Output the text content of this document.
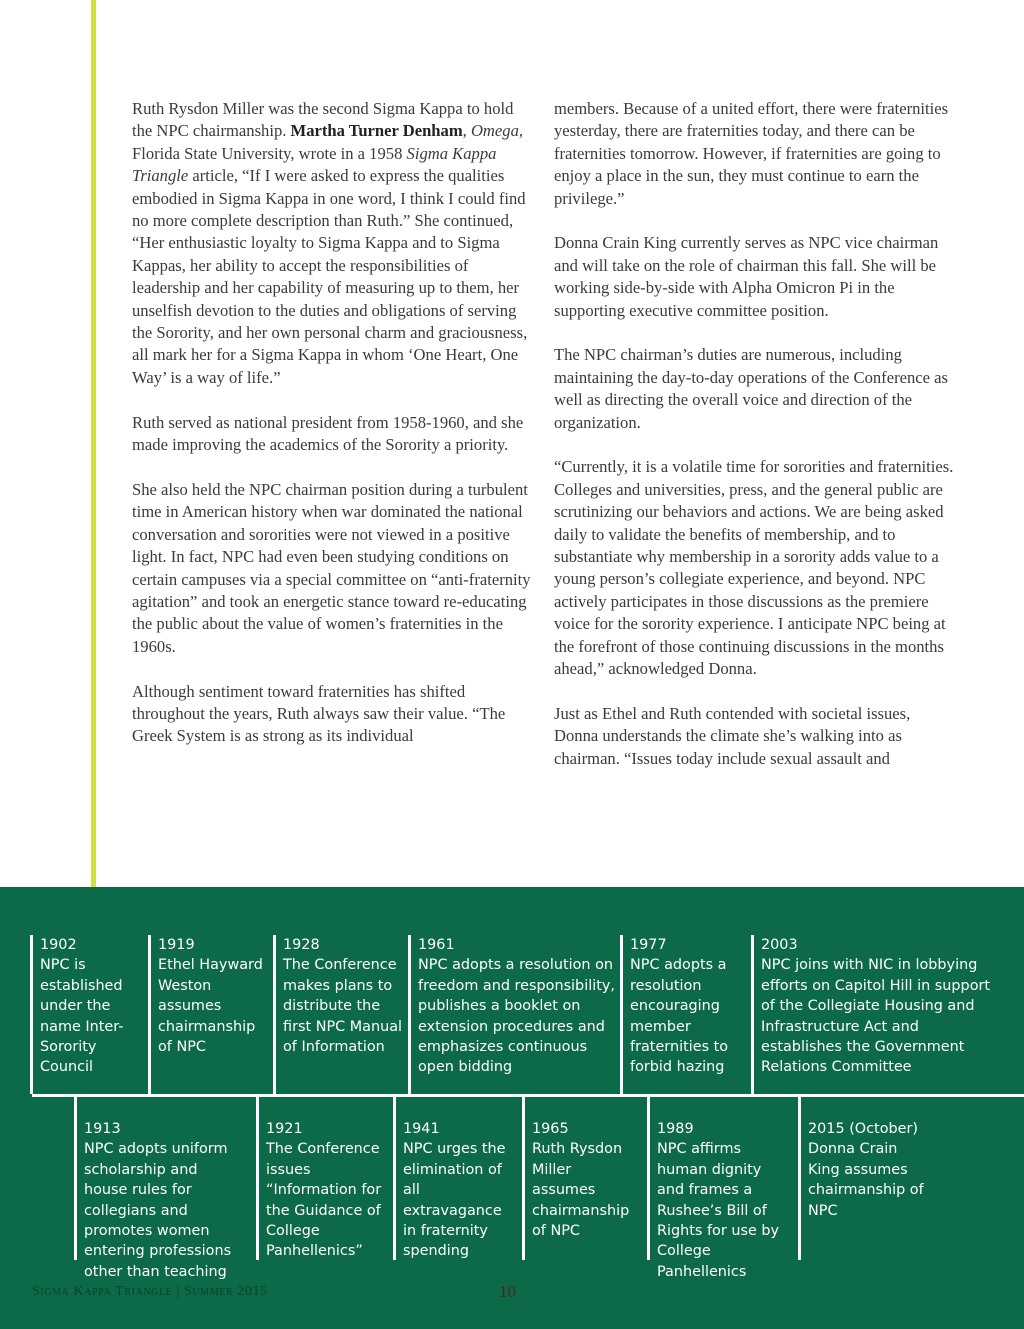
Ruth Rysdon Miller was the second Sigma Kappa to hold the NPC chairmanship. Martha Turner Denham, Omega, Florida State University, wrote in a 1958 Sigma Kappa Triangle article, “If I were asked to express the qualities embodied in Sigma Kappa in one word, I think I could find no more complete description than Ruth.” She continued, “Her enthusiastic loyalty to Sigma Kappa and to Sigma Kappas, her ability to accept the responsibilities of leadership and her capability of measuring up to them, her unselfish devotion to the duties and obligations of serving the Sorority, and her own personal charm and graciousness, all mark her for a Sigma Kappa in whom ‘One Heart, One Way’ is a way of life.”

Ruth served as national president from 1958-1960, and she made improving the academics of the Sorority a priority.

She also held the NPC chairman position during a turbulent time in American history when war dominated the national conversation and sororities were not viewed in a positive light. In fact, NPC had even been studying conditions on certain campuses via a special committee on “anti-fraternity agitation” and took an energetic stance toward re-educating the public about the value of women’s fraternities in the 1960s.

Although sentiment toward fraternities has shifted throughout the years, Ruth always saw their value. “The Greek System is as strong as its individual

members. Because of a united effort, there were fraternities yesterday, there are fraternities today, and there can be fraternities tomorrow. However, if fraternities are going to enjoy a place in the sun, they must continue to earn the privilege.”

Donna Crain King currently serves as NPC vice chairman and will take on the role of chairman this fall. She will be working side-by-side with Alpha Omicron Pi in the supporting executive committee position.

The NPC chairman’s duties are numerous, including maintaining the day-to-day operations of the Conference as well as directing the overall voice and direction of the organization.

“Currently, it is a volatile time for sororities and fraternities. Colleges and universities, press, and the general public are scrutinizing our behaviors and actions. We are being asked daily to validate the benefits of membership, and to substantiate why membership in a sorority adds value to a young person’s collegiate experience, and beyond. NPC actively participates in those discussions as the premiere voice for the sorority experience. I anticipate NPC being at the forefront of those continuing discussions in the months ahead,” acknowledged Donna.

Just as Ethel and Ruth contended with societal issues, Donna understands the climate she’s walking into as chairman. “Issues today include sexual assault and

1902
NPC is established under the name Inter-Sorority Council
1919
Ethel Hayward Weston assumes chairmanship of NPC
1928
The Conference makes plans to distribute the first NPC Manual of Information
1961
NPC adopts a resolution on freedom and responsibility, publishes a booklet on extension procedures and emphasizes continuous open bidding
1977
NPC adopts a resolution encouraging member fraternities to forbid hazing
2003
NPC joins with NIC in lobbying efforts on Capitol Hill in support of the Collegiate Housing and Infrastructure Act and establishes the Government Relations Committee
1913
NPC adopts uniform scholarship and house rules for collegians and promotes women entering professions other than teaching
1921
The Conference issues “Information for the Guidance of College Panhellenics”
1941
NPC urges the elimination of all extravagance in fraternity spending
1965
Ruth Rysdon Miller assumes chairmanship of NPC
1989
NPC affirms human dignity and frames a Rushee’s Bill of Rights for use by College Panhellenics
2015 (October)
Donna Crain King assumes chairmanship of NPC
Sigma Kappa Triangle | Summer 2015	10
